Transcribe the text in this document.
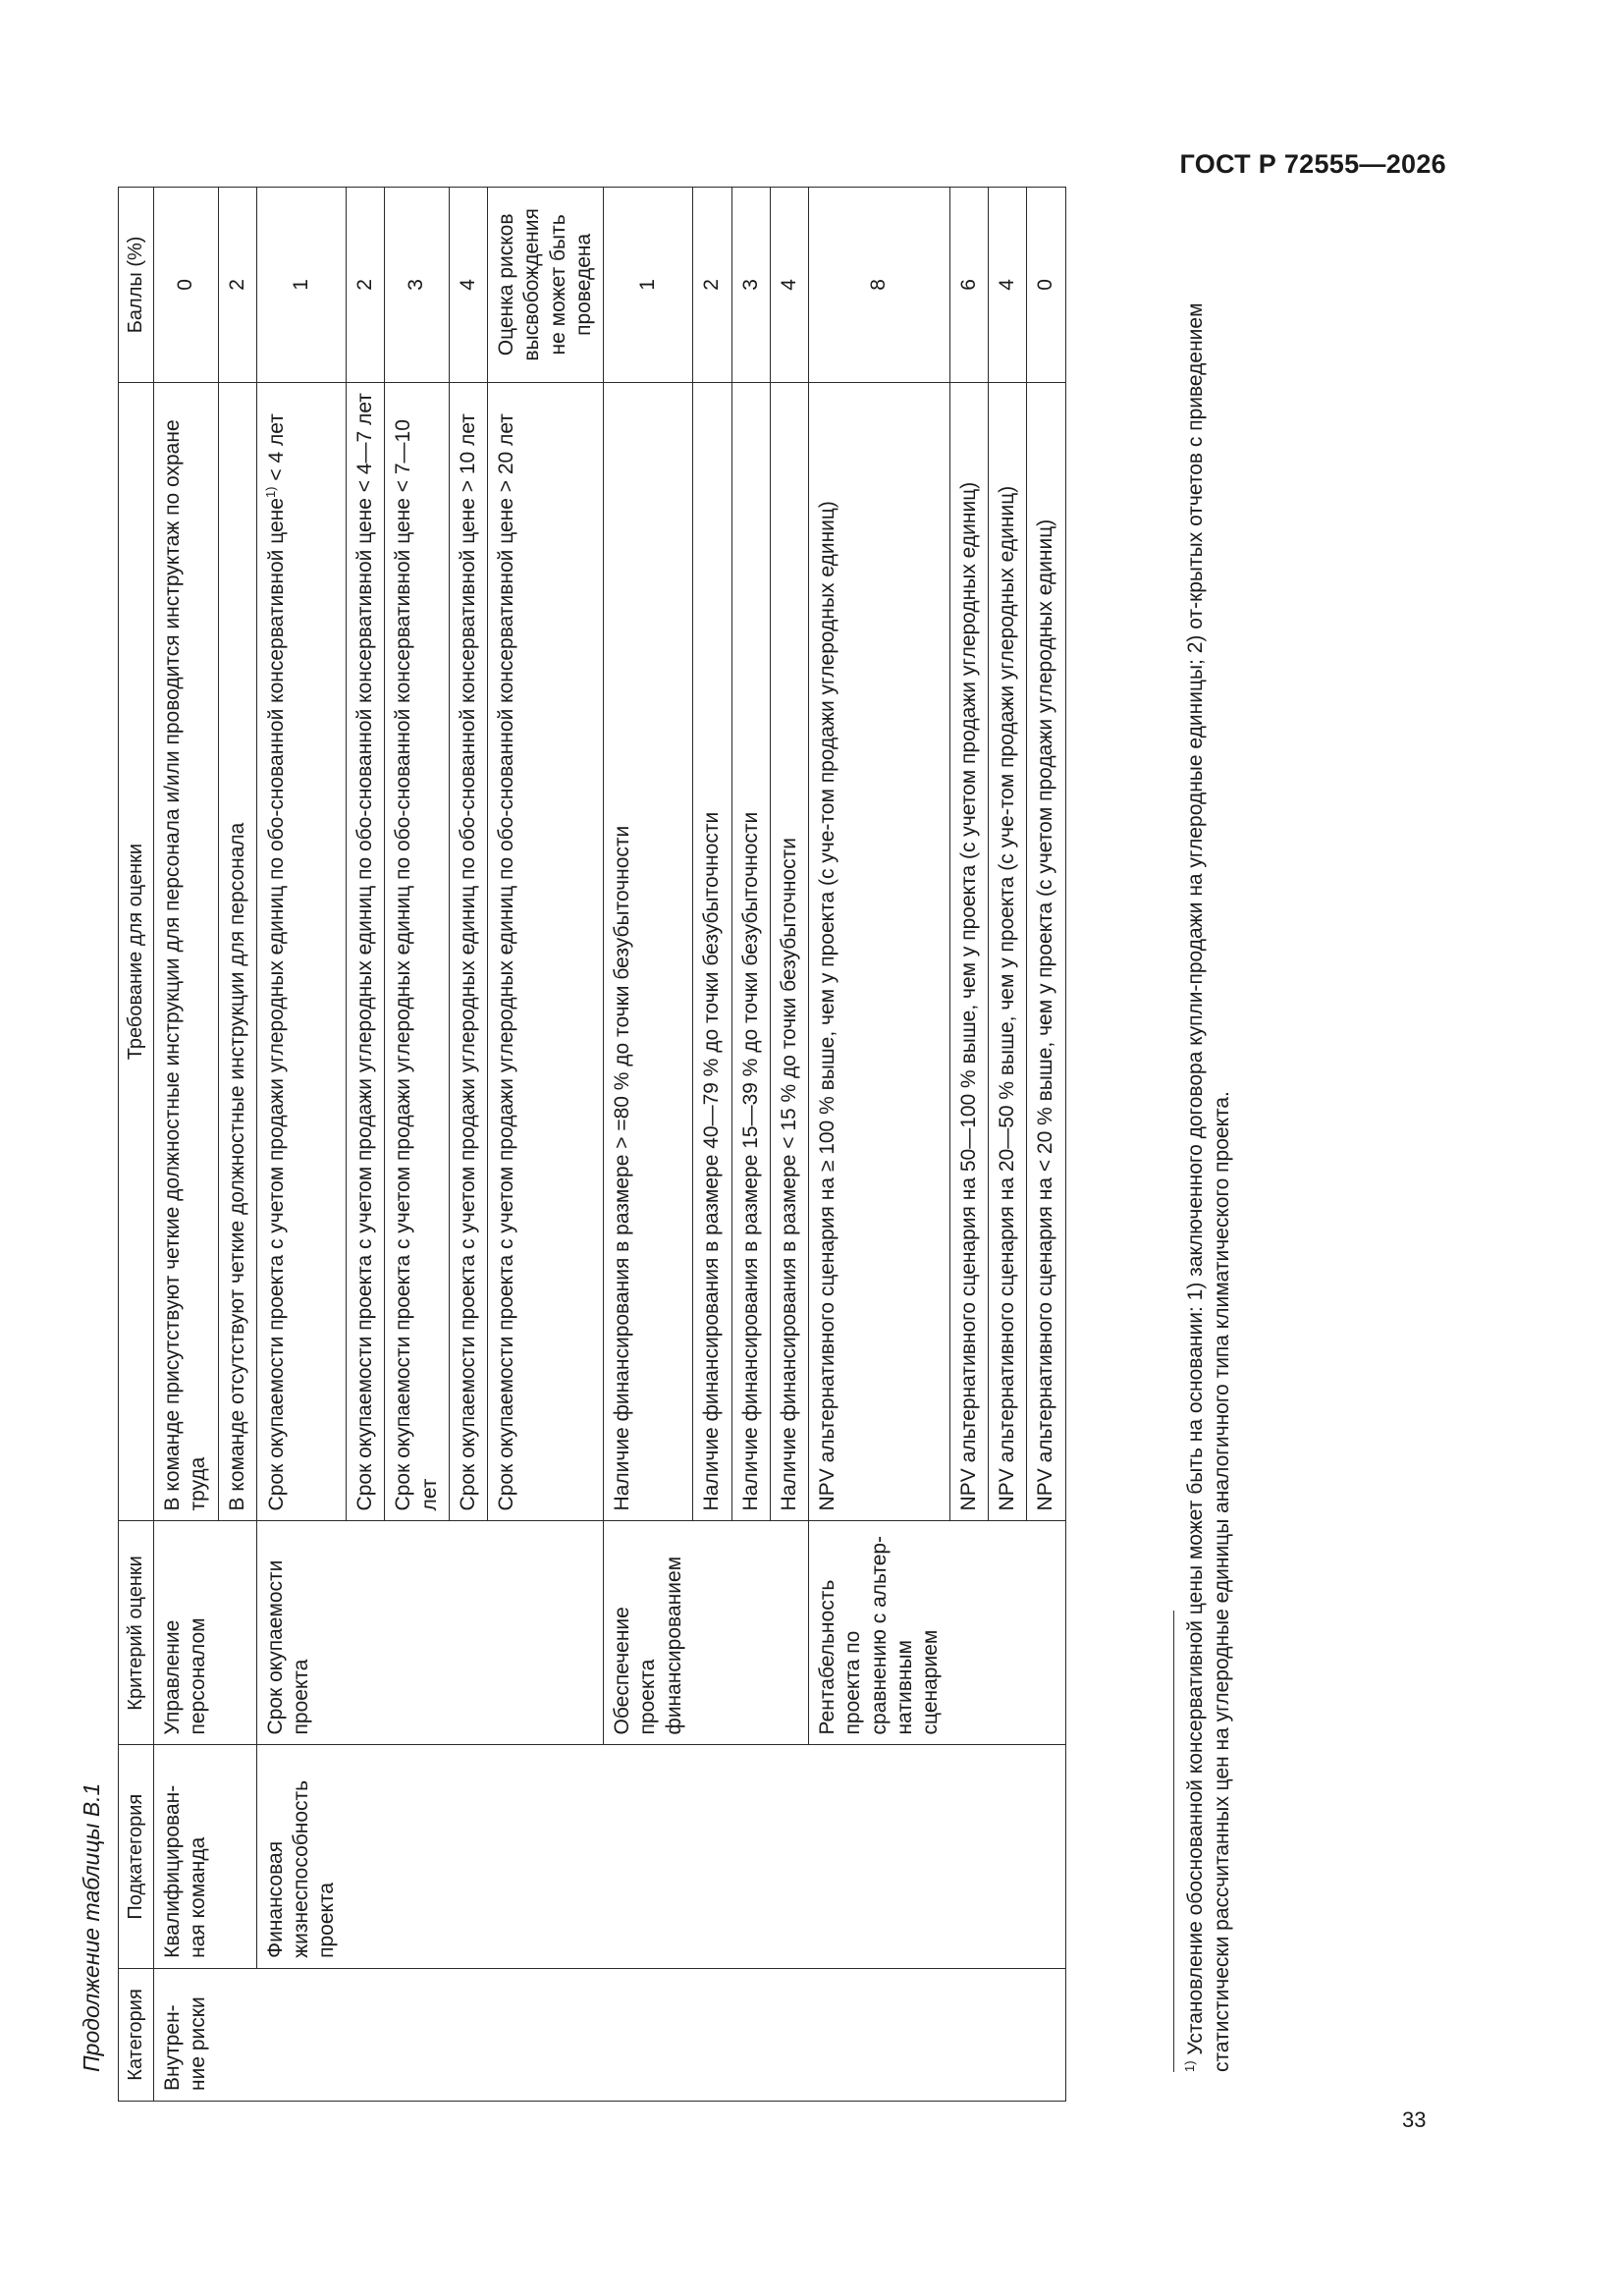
ГОСТ Р 72555—2026
Продолжение таблицы В.1 Категория	Подкатегория	Критерий оценки	Требование для оценки	Баллы (%)
Внутрен-ние риски	Квалифицирован-ная команда	Управление персоналом	В команде присутствуют четкие должностные инструкции для персонала и/или проводится инструктаж по охране труда	0
			В команде отсутствуют четкие должностные инструкции для персонала	2
	Финансовая жизнеспособность проекта	Срок окупаемости проекта	Срок окупаемости проекта с учетом продажи углеродных единиц по обо-снованной консервативной цене$^{1)}$ < 4 лет	1
			Срок окупаемости проекта с учетом продажи углеродных единиц по обо-снованной консервативной цене < 4—7 лет	2
			Срок окупаемости проекта с учетом продажи углеродных единиц по обо-снованной консервативной цене < 7—10 лет	3
			Срок окупаемости проекта с учетом продажи углеродных единиц по обо-снованной консервативной цене > 10 лет	4
			Срок окупаемости проекта с учетом продажи углеродных единиц по обо-снованной консервативной цене > 20 лет	Оценка рисков высвобождения не может быть проведена
		Обеспечение проекта финансированием	Наличие финансирования в размере > =80 % до точки безубыточности	1
			Наличие финансирования в размере 40—79 % до точки безубыточности	2
			Наличие финансирования в размере 15—39 % до точки безубыточности	3
			Наличие финансирования в размере < 15 % до точки безубыточности	4
		Рентабельность проекта по сравнению с альтер-нативным сценарием	NPV альтернативного сценария на ≥ 100 % выше, чем у проекта (с уче-том продажи углеродных единиц)	8
			NPV альтернативного сценария на 50—100 % выше, чем у проекта (с учетом продажи углеродных единиц)	6
			NPV альтернативного сценария на 20—50 % выше, чем у проекта (с уче-том продажи углеродных единиц)	4
			NPV альтернативного сценария на < 20 % выше, чем у проекта (с учетом продажи углеродных единиц)	0
$^{1)}$ Установление обоснованной консервативной цены может быть на основании: 1) заключенного договора купли-продажи на углеродные единицы; 2) от-крытых отчетов с приведением статистически рассчитанных цен на углеродные единицы аналогичного типа климатического проекта.
33
